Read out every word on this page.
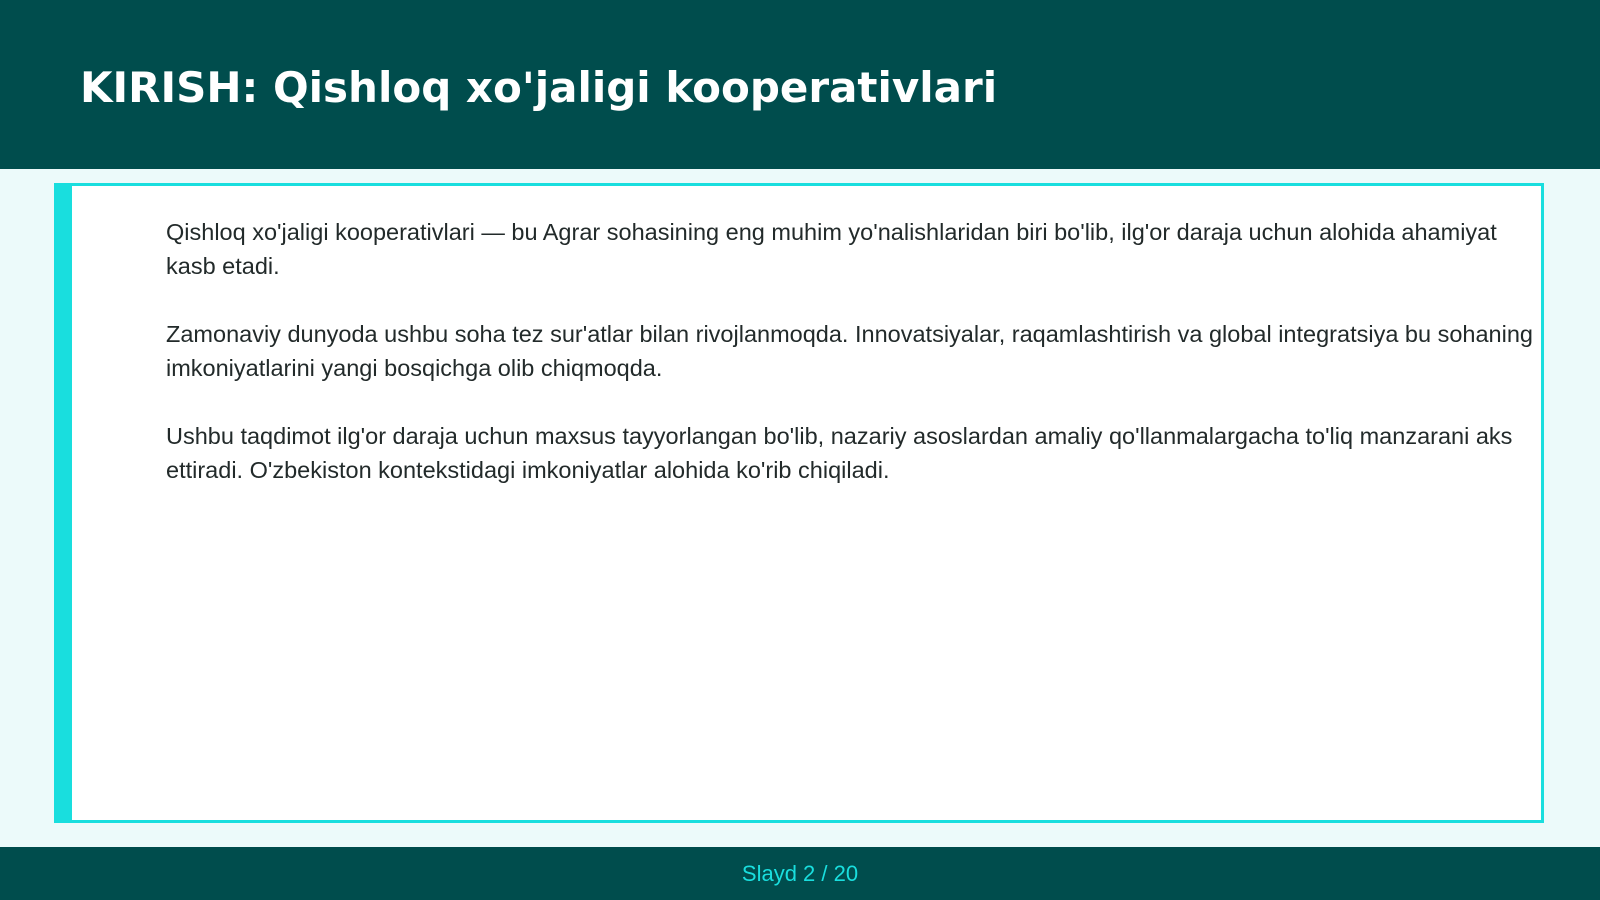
KIRISH: Qishloq xo'jaligi kooperativlari

Qishloq xo'jaligi kooperativlari — bu Agrar sohasining eng muhim yo'nalishlaridan biri bo'lib, ilg'or daraja uchun alohida ahamiyat kasb etadi.

Zamonaviy dunyoda ushbu soha tez sur'atlar bilan rivojlanmoqda. Innovatsiyalar, raqamlashtirish va global integratsiya bu sohaning imkoniyatlarini yangi bosqichga olib chiqmoqda.

Ushbu taqdimot ilg'or daraja uchun maxsus tayyorlangan bo'lib, nazariy asoslardan amaliy qo'llanmalargacha to'liq manzarani aks ettiradi. O'zbekiston kontekstidagi imkoniyatlar alohida ko'rib chiqiladi.

Slayd 2 / 20
